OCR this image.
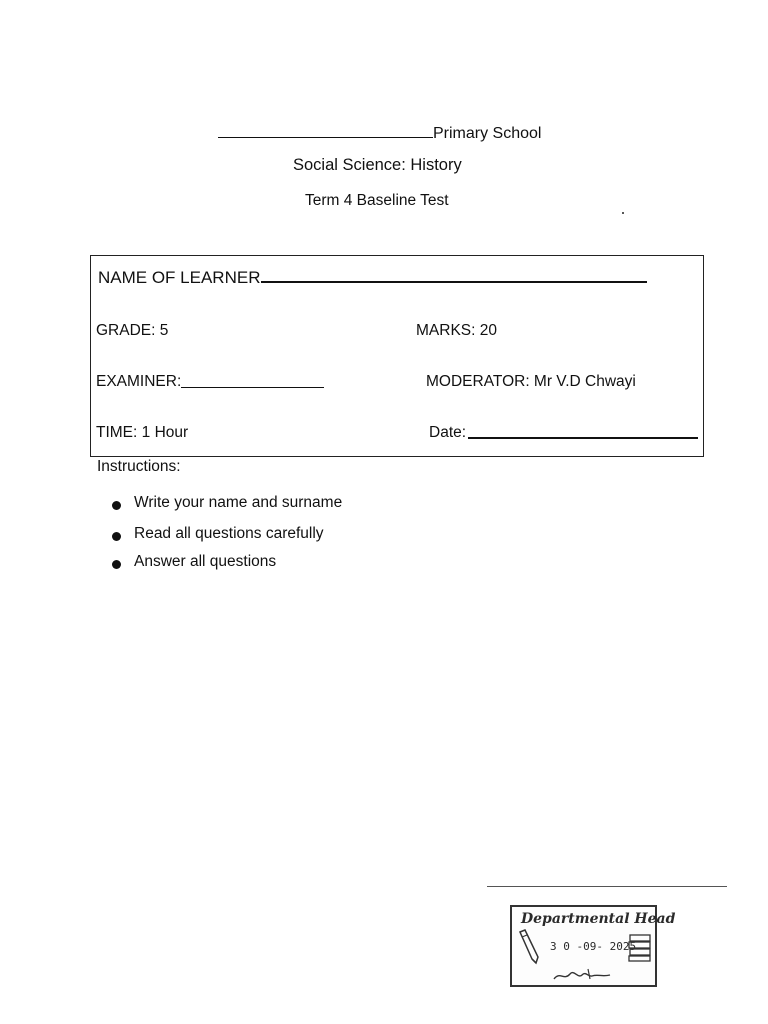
Primary School
Social Science: History
Term 4 Baseline Test
NAME OF LEARNER
GRADE: 5	MARKS: 20
EXAMINER:	MODERATOR: Mr V.D Chwayi
TIME: 1 Hour	Date:
Instructions:
Write your name and surname
Read all questions carefully
Answer all questions
Departmental Head
3 0 -09- 2025
